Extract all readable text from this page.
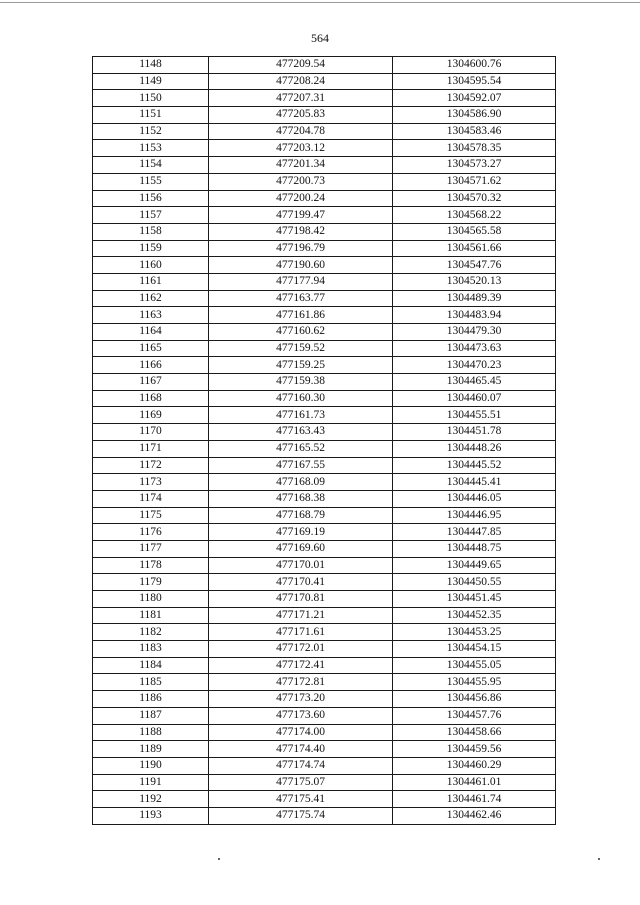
564
1148	477209.54	1304600.76
1149	477208.24	1304595.54
1150	477207.31	1304592.07
1151	477205.83	1304586.90
1152	477204.78	1304583.46
1153	477203.12	1304578.35
1154	477201.34	1304573.27
1155	477200.73	1304571.62
1156	477200.24	1304570.32
1157	477199.47	1304568.22
1158	477198.42	1304565.58
1159	477196.79	1304561.66
1160	477190.60	1304547.76
1161	477177.94	1304520.13
1162	477163.77	1304489.39
1163	477161.86	1304483.94
1164	477160.62	1304479.30
1165	477159.52	1304473.63
1166	477159.25	1304470.23
1167	477159.38	1304465.45
1168	477160.30	1304460.07
1169	477161.73	1304455.51
1170	477163.43	1304451.78
1171	477165.52	1304448.26
1172	477167.55	1304445.52
1173	477168.09	1304445.41
1174	477168.38	1304446.05
1175	477168.79	1304446.95
1176	477169.19	1304447.85
1177	477169.60	1304448.75
1178	477170.01	1304449.65
1179	477170.41	1304450.55
1180	477170.81	1304451.45
1181	477171.21	1304452.35
1182	477171.61	1304453.25
1183	477172.01	1304454.15
1184	477172.41	1304455.05
1185	477172.81	1304455.95
1186	477173.20	1304456.86
1187	477173.60	1304457.76
1188	477174.00	1304458.66
1189	477174.40	1304459.56
1190	477174.74	1304460.29
1191	477175.07	1304461.01
1192	477175.41	1304461.74
1193	477175.74	1304462.46
